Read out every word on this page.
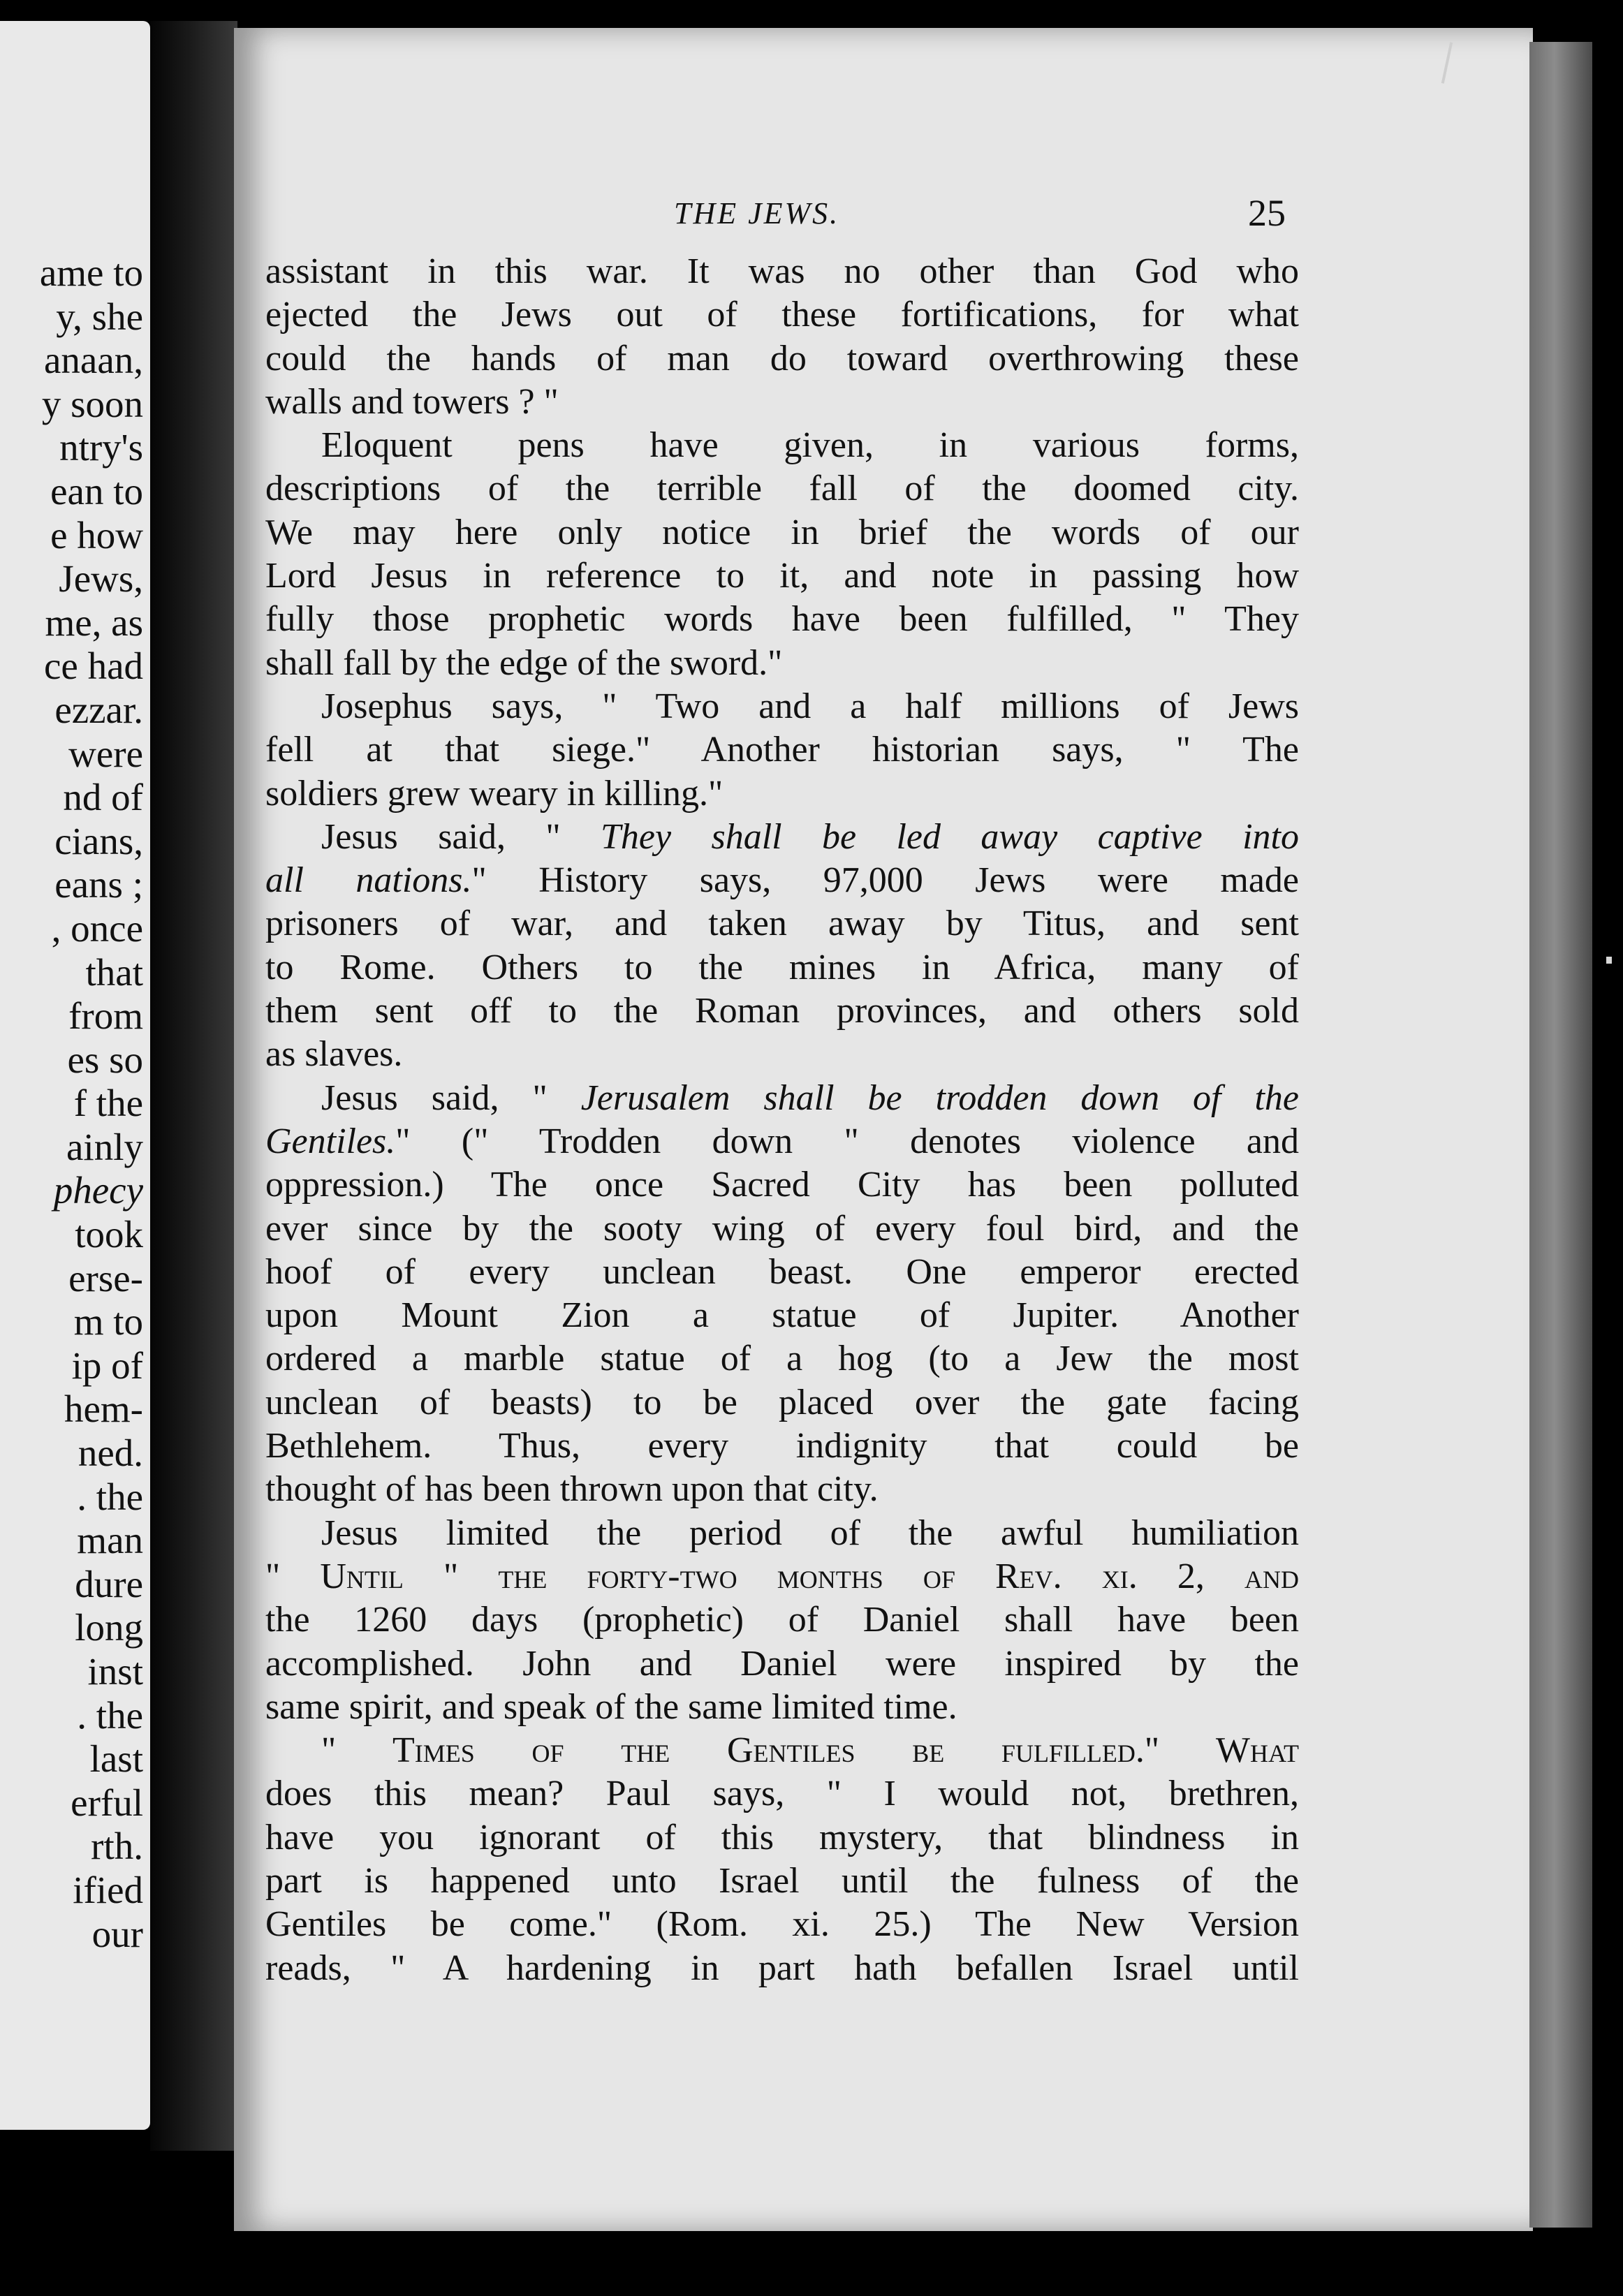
ame to
y, she
anaan,
y soon
ntry's
ean to
e how
Jews,
me, as
ce had
ezzar.
were
nd of
cians,
eans ;
, once
that
from
es so
f the
ainly
phecy
took
erse-
m to
ip of
hem-
ned.
. the
man
dure
long
inst
. the
last
erful
rth.
ified
our
THE JEWS.	25
assistant in this war. It was no other than God who
ejected the Jews out of these fortifications, for what
could the hands of man do toward overthrowing these
walls and towers ? "
Eloquent pens have given, in various forms,
descriptions of the terrible fall of the doomed city.
We may here only notice in brief the words of our
Lord Jesus in reference to it, and note in passing how
fully those prophetic words have been fulfilled, " They
shall fall by the edge of the sword."
Josephus says, " Two and a half millions of Jews
fell at that siege." Another historian says, " The
soldiers grew weary in killing."
Jesus said, " They shall be led away captive into
all nations." History says, 97,000 Jews were made
prisoners of war, and taken away by Titus, and sent
to Rome. Others to the mines in Africa, many of
them sent off to the Roman provinces, and others sold
as slaves.
Jesus said, " Jerusalem shall be trodden down of the
Gentiles." (" Trodden down " denotes violence and
oppression.) The once Sacred City has been polluted
ever since by the sooty wing of every foul bird, and the
hoof of every unclean beast. One emperor erected
upon Mount Zion a statue of Jupiter. Another
ordered a marble statue of a hog (to a Jew the most
unclean of beasts) to be placed over the gate facing
Bethlehem. Thus, every indignity that could be
thought of has been thrown upon that city.
Jesus limited the period of the awful humiliation
" Until " the forty-two months of Rev. xi. 2, and
the 1260 days (prophetic) of Daniel shall have been
accomplished. John and Daniel were inspired by the
same spirit, and speak of the same limited time.
" Times of the Gentiles be fulfilled." What
does this mean? Paul says, " I would not, brethren,
have you ignorant of this mystery, that blindness in
part is happened unto Israel until the fulness of the
Gentiles be come." (Rom. xi. 25.) The New Version
reads, " A hardening in part hath befallen Israel until
